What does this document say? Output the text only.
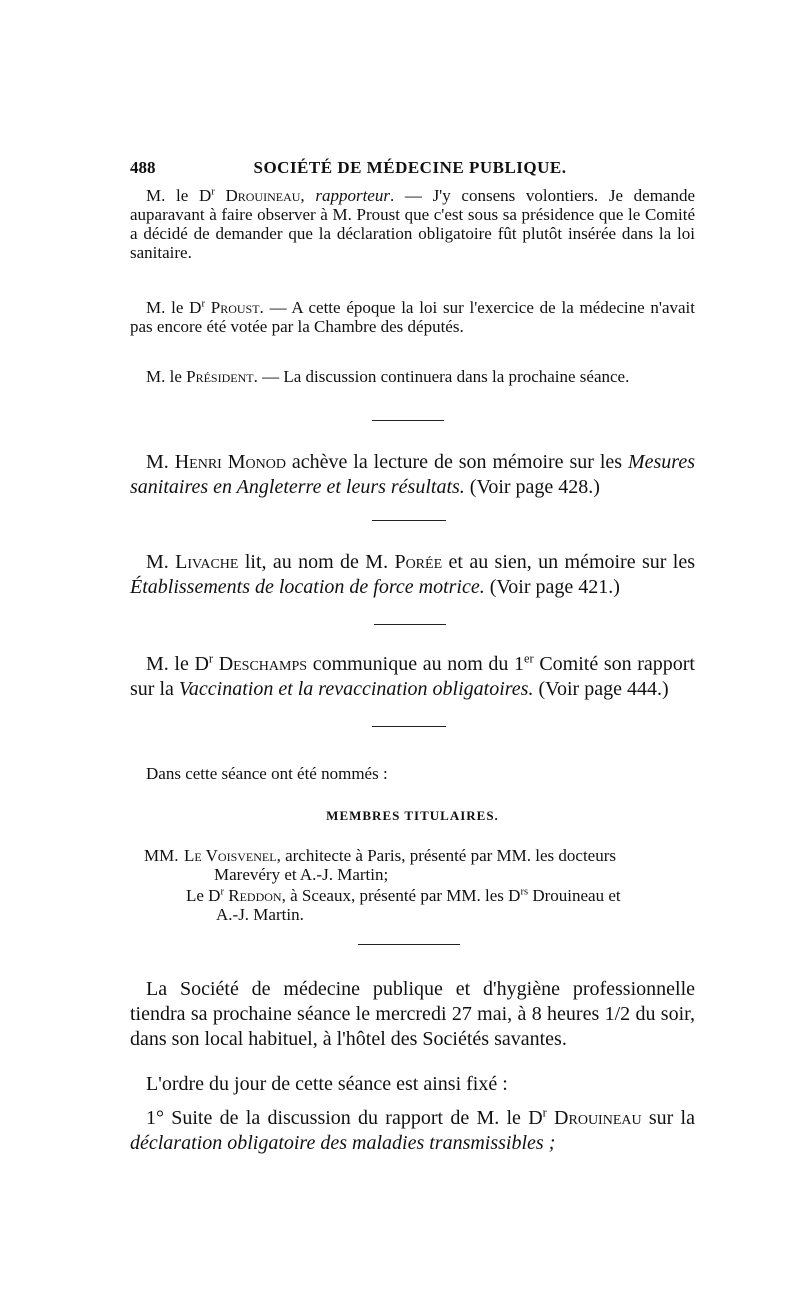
488	SOCIÉTÉ DE MÉDECINE PUBLIQUE.

M. le $D^r$ Drouineau, rapporteur. — J'y consens volontiers. Je demande auparavant à faire observer à M. Proust que c'est sous sa présidence que le Comité a décidé de demander que la déclaration obligatoire fût plutôt insérée dans la loi sanitaire.

M. le $D^r$ Proust. — A cette époque la loi sur l'exercice de la médecine n'avait pas encore été votée par la Chambre des députés.

M. le Président. — La discussion continuera dans la prochaine séance.

M. Henri Monod achève la lecture de son mémoire sur les Mesures sanitaires en Angleterre et leurs résultats. (Voir page 428.)

M. Livache lit, au nom de M. Porée et au sien, un mémoire sur les Établissements de location de force motrice. (Voir page 421.)

M. le $D^r$ Deschamps communique au nom du 1er Comité son rapport sur la Vaccination et la revaccination obligatoires. (Voir page 444.)

Dans cette séance ont été nommés :

MEMBRES TITULAIRES.

MM. Le Voisvenel, architecte à Paris, présenté par MM. les docteurs
Marevéry et A.-J. Martin;

Le $D^r$ Reddon, à Sceaux, présenté par MM. les $D^{rs}$ Drouineau et
A.-J. Martin.

La Société de médecine publique et d'hygiène professionnelle tiendra sa prochaine séance le mercredi 27 mai, à 8 heures 1/2 du soir, dans son local habituel, à l'hôtel des Sociétés savantes.

L'ordre du jour de cette séance est ainsi fixé :

1° Suite de la discussion du rapport de M. le $D^r$ Drouineau sur la déclaration obligatoire des maladies transmissibles ;
